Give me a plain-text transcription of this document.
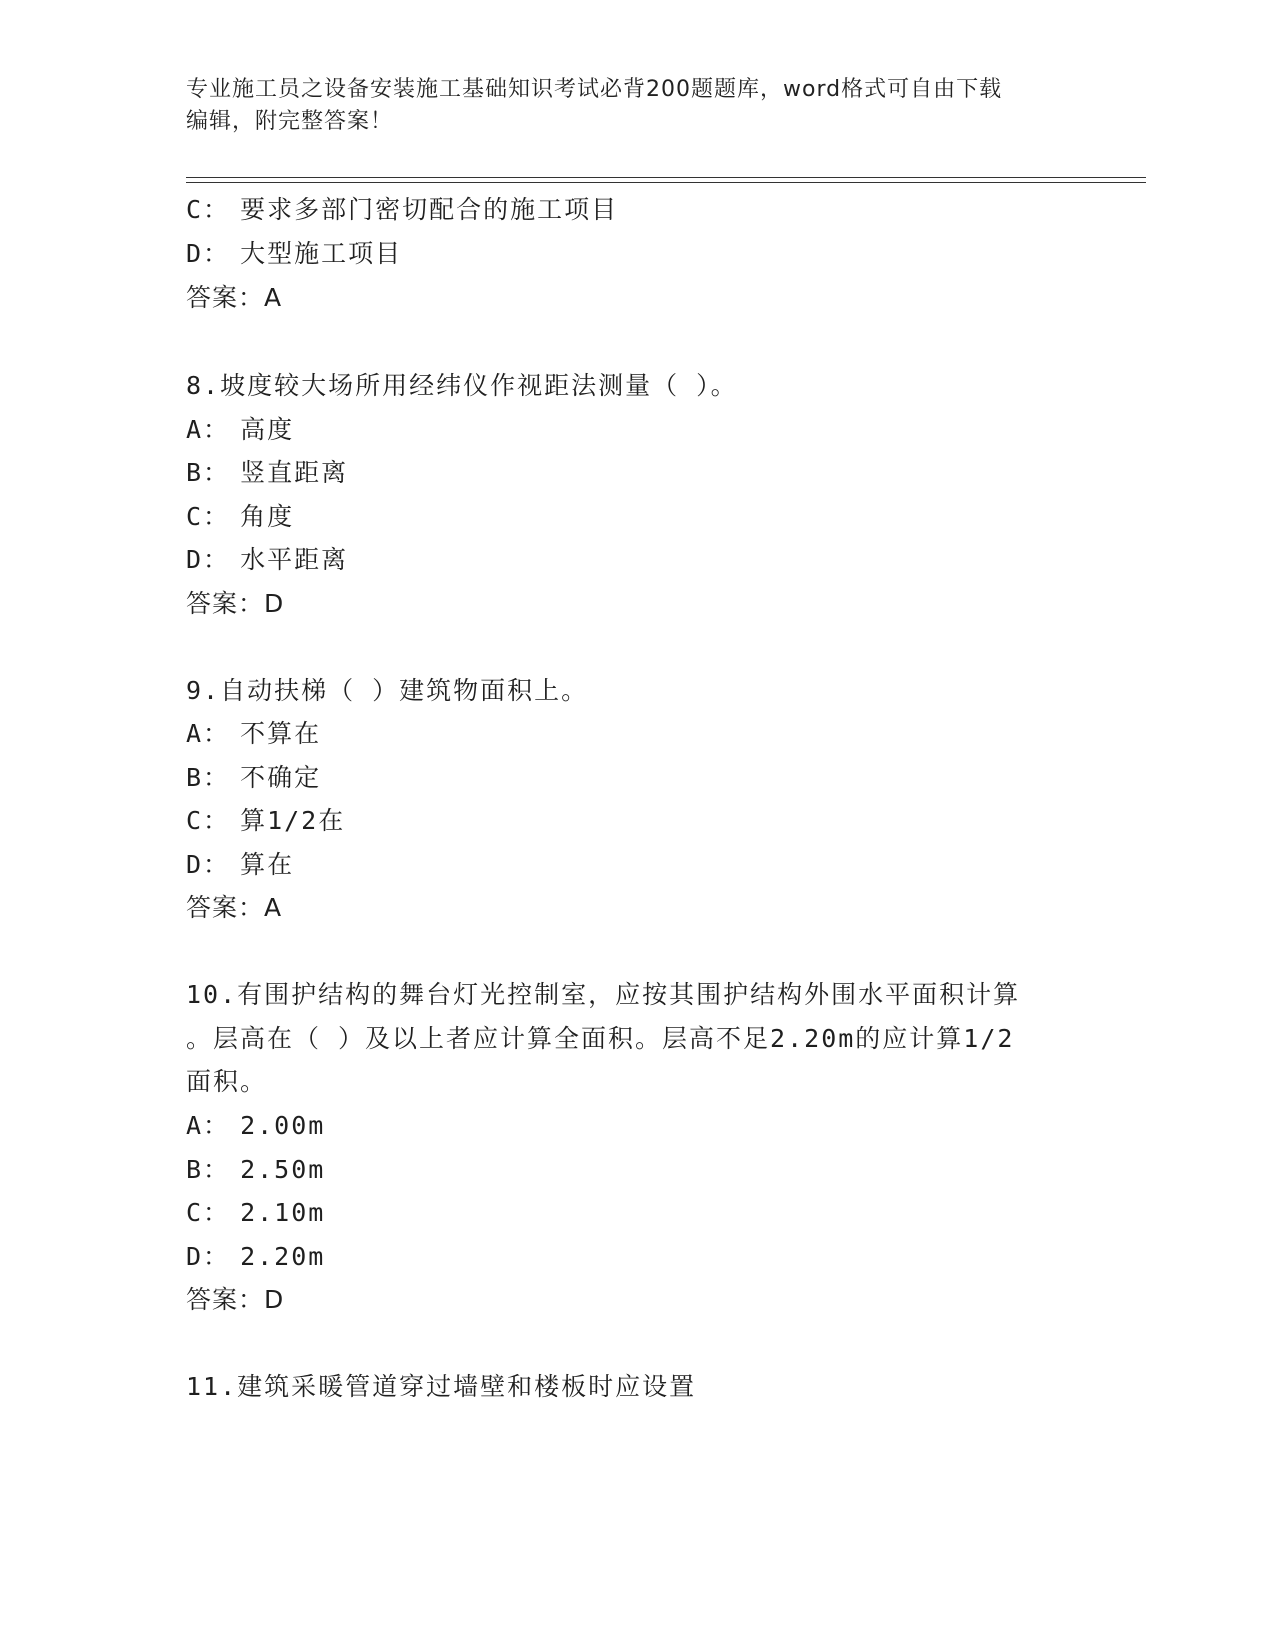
专业施工员之设备安装施工基础知识考试必背200题题库，word格式可自由下载
编辑，附完整答案！
C： 要求多部门密切配合的施工项目
D： 大型施工项目
答案：A
8.坡度较大场所用经纬仪作视距法测量（ ）。
A： 高度
B： 竖直距离
C： 角度
D： 水平距离
答案：D
9.自动扶梯（ ）建筑物面积上。
A： 不算在
B： 不确定
C： 算1/2在
D： 算在
答案：A
10.有围护结构的舞台灯光控制室，应按其围护结构外围水平面积计算
。层高在（ ）及以上者应计算全面积。层高不足2.20m的应计算1/2
面积。
A： 2.00m
B： 2.50m
C： 2.10m
D： 2.20m
答案：D
11.建筑采暖管道穿过墙壁和楼板时应设置
